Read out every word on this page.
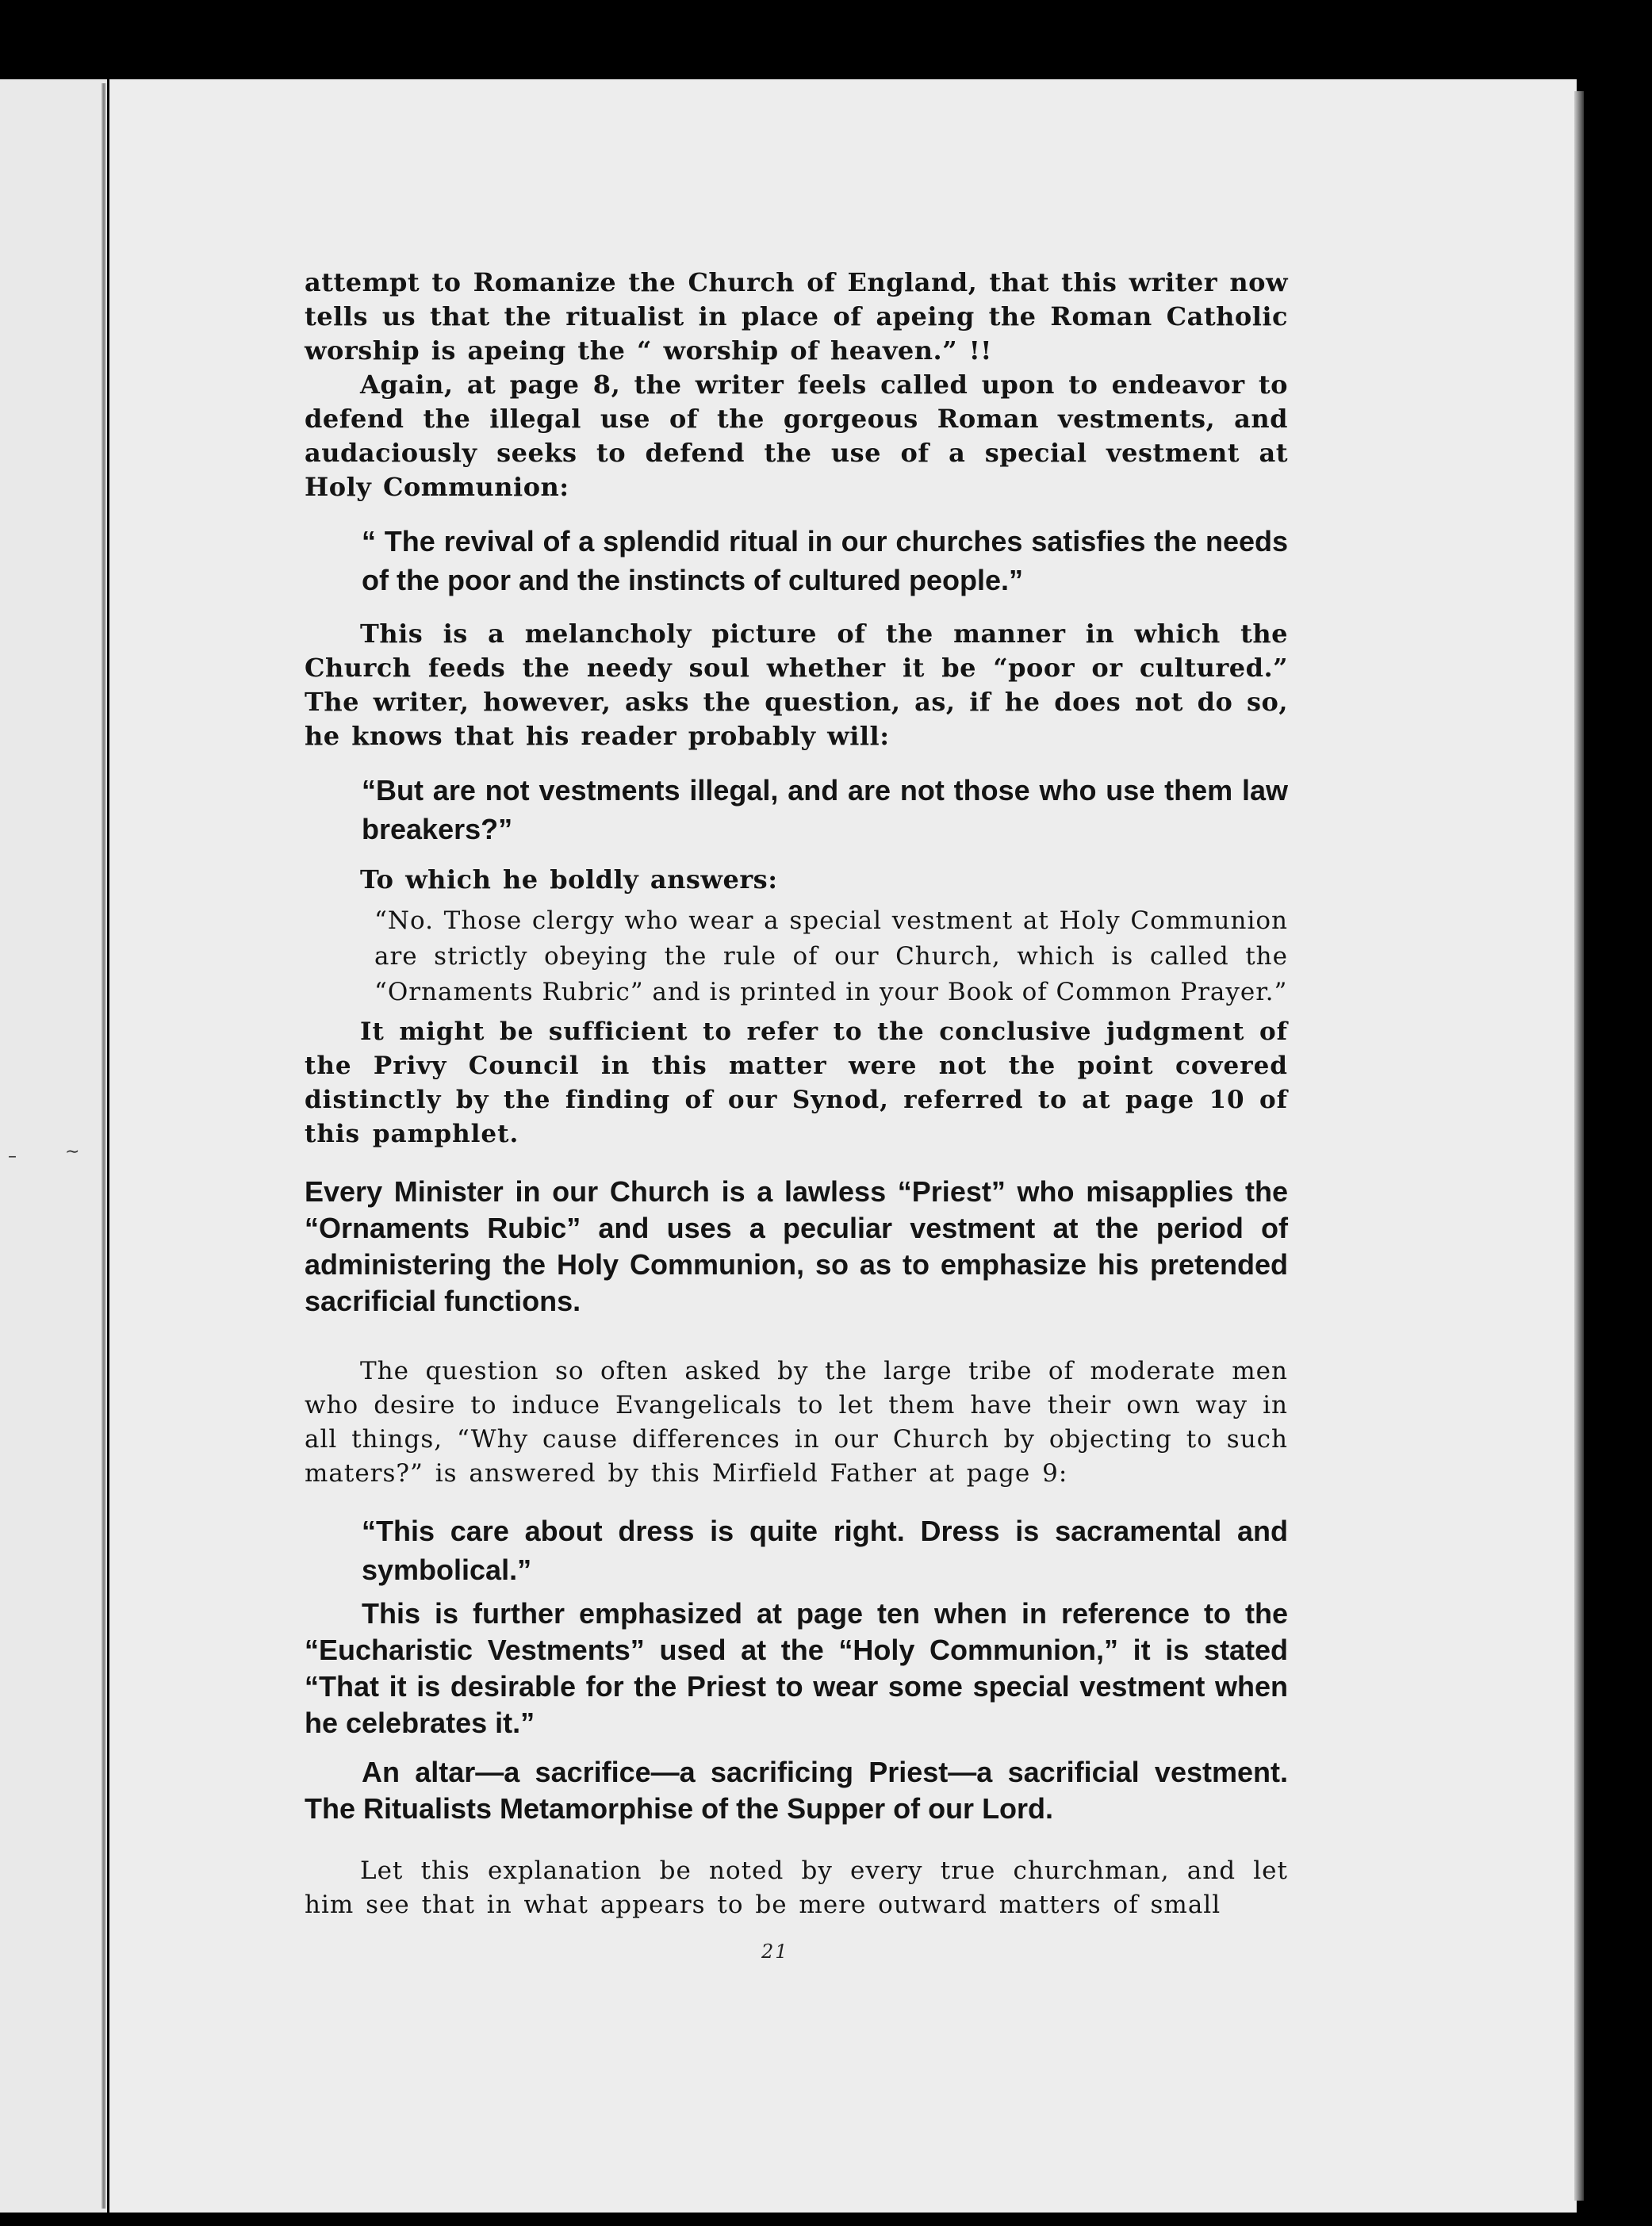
–	∼

attempt to Romanize the Church of England, that this writer now tells us that the ritualist in place of apeing the Roman Catholic worship is apeing the “ worship of heaven.” !!

Again, at page 8, the writer feels called upon to endeavor to defend the illegal use of the gorgeous Roman vestments, and audaciously seeks to defend the use of a special vestment at Holy Communion:

“ The revival of a splendid ritual in our churches satisfies the needs of the poor and the instincts of cultured people.”

This is a melancholy picture of the manner in which the Church feeds the needy soul whether it be “poor or cultured.” The writer, however, asks the question, as, if he does not do so, he knows that his reader probably will:

“But are not vestments illegal, and are not those who use them law breakers?”

To which he boldly answers:

“No. Those clergy who wear a special vestment at Holy Communion are strictly obeying the rule of our Church, which is called the “Ornaments Rubric” and is printed in your Book of Common Prayer.”

It might be sufficient to refer to the conclusive judgment of the Privy Council in this matter were not the point covered distinctly by the finding of our Synod, referred to at page 10 of this pamphlet.

Every Minister in our Church is a lawless “Priest” who misapplies the “Ornaments Rubic” and uses a peculiar vestment at the period of administering the Holy Communion, so as to emphasize his pretended sacrificial functions.

The question so often asked by the large tribe of moderate men who desire to induce Evangelicals to let them have their own way in all things, “Why cause differences in our Church by objecting to such maters?” is answered by this Mirfield Father at page 9:

“This care about dress is quite right. Dress is sacramental and symbolical.”

This is further emphasized at page ten when in reference to the “Eucharistic Vestments” used at the “Holy Communion,” it is stated “That it is desirable for the Priest to wear some special vestment when he celebrates it.”

An altar—a sacrifice—a sacrificing Priest—a sacrificial vestment. The Ritualists Metamorphise of the Supper of our Lord.

Let this explanation be noted by every true churchman, and let him see that in what appears to be mere outward matters of small

21
